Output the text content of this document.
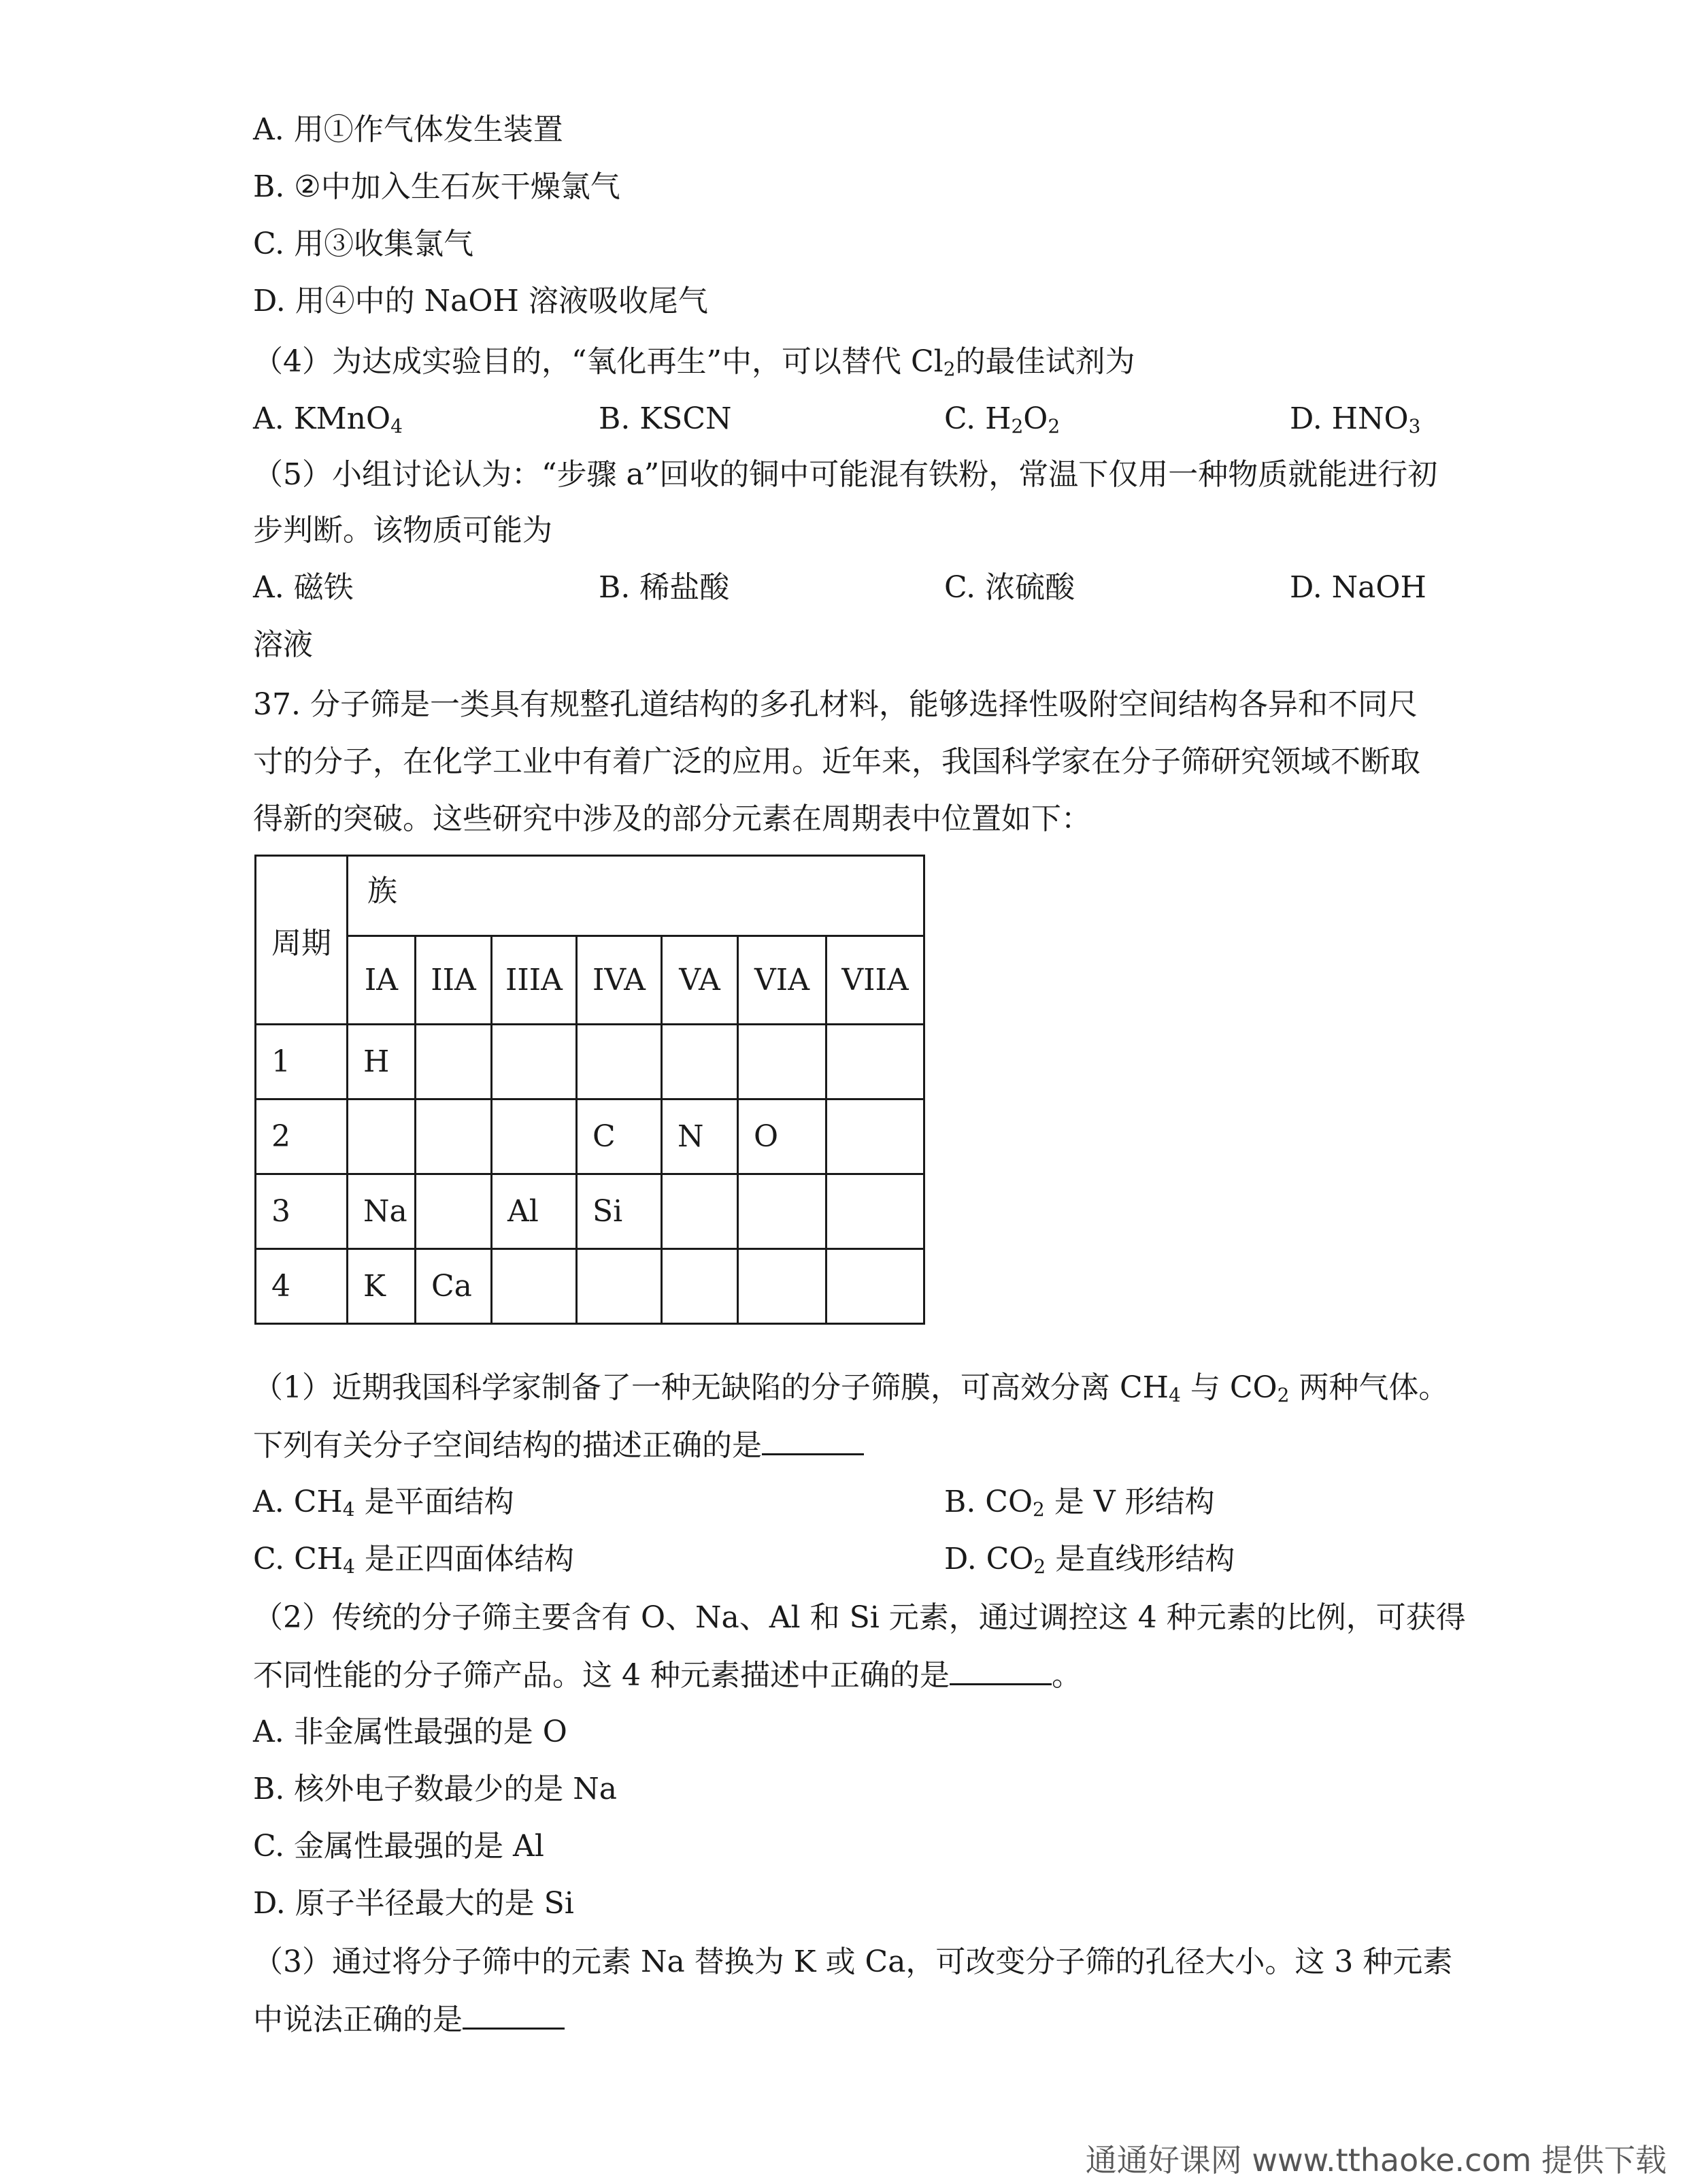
A. 用①作气体发生装置
B. ②中加入生石灰干燥氯气
C. 用③收集氯气
D. 用④中的 NaOH 溶液吸收尾气
（4）为达成实验目的，“氧化再生”中，可以替代 $Cl_2$的最佳试剂为
A. KMnO$_4$	B. KSCN	C. $H_2O_2$	D. $HNO_3$
（5）小组讨论认为：“步骤 a”回收的铜中可能混有铁粉，常温下仅用一种物质就能进行初
步判断。该物质可能为
A. 磁铁	B. 稀盐酸	C. 浓硫酸	D. NaOH
溶液
37. 分子筛是一类具有规整孔道结构的多孔材料，能够选择性吸附空间结构各异和不同尺
寸的分子，在化学工业中有着广泛的应用。近年来，我国科学家在分子筛研究领域不断取
得新的突破。这些研究中涉及的部分元素在周期表中位置如下：
周期	族						
	IA	IIA	IIIA	IVA	VA	VIA	VIIA
1	H						
2				C	N	O	
3	Na		Al	Si			
4	K	Ca					
（1）近期我国科学家制备了一种无缺陷的分子筛膜，可高效分离 $CH_4$ 与 $CO_2$ 两种气体。
下列有关分子空间结构的描述正确的是
A. $CH_4$ 是平面结构	B. $CO_2$ 是 V 形结构
C. $CH_4$ 是正四面体结构	D. $CO_2$ 是直线形结构
（2）传统的分子筛主要含有 O、Na、Al 和 Si 元素，通过调控这 4 种元素的比例，可获得
不同性能的分子筛产品。这 4 种元素描述中正确的是	。
A. 非金属性最强的是 O
B. 核外电子数最少的是 Na
C. 金属性最强的是 Al
D. 原子半径最大的是 Si
（3）通过将分子筛中的元素 Na 替换为 K 或 Ca，可改变分子筛的孔径大小。这 3 种元素
中说法正确的是
通通好课网 www.tthaoke.com 提供下载
